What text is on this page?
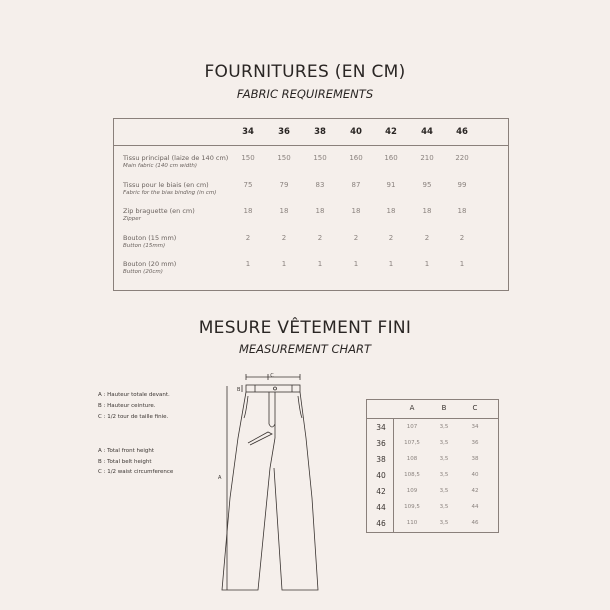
FOURNITURES (EN CM)
FABRIC REQUIREMENTS
34	36	38	40	42	44	46
Tissu principal (laize de 140 cm)
Main fabric (140 cm width)
150	150	150	160	160	210	220
Tissu pour le biais (en cm)
Fabric for the bias binding (in cm)
75	79	83	87	91	95	99
Zip braguette (en cm)
Zipper
18	18	18	18	18	18	18
Bouton (15 mm)
Button (15mm)
2	2	2	2	2	2	2
Bouton (20 mm)
Button (20cm)
1	1	1	1	1	1	1
MESURE VÊTEMENT FINI
MEASUREMENT CHART
A : Hauteur totale devant.
B : Hauteur ceinture.
C : 1/2 tour de taille finie.
A : Total front height
B : Total belt height
C : 1/2 waist circumference
C
B
A
A	B	C
34	107	3,5	34
36	107,5	3,5	36
38	108	3,5	38
40	108,5	3,5	40
42	109	3,5	42
44	109,5	3,5	44
46	110	3,5	46
